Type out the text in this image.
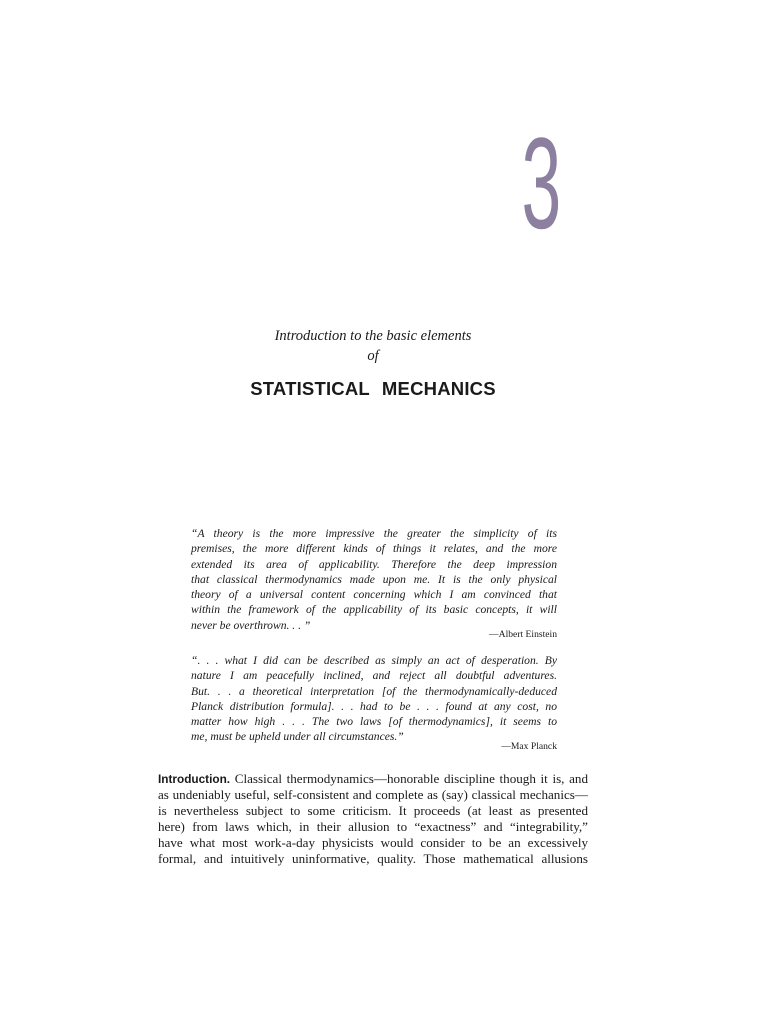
3
Introduction to the basic elements
of
STATISTICAL MECHANICS
“A theory is the more impressive the greater the simplicity of its
premises, the more different kinds of things it relates, and the more
extended its area of applicability. Therefore the deep impression
that classical thermodynamics made upon me. It is the only physical
theory of a universal content concerning which I am convinced that
within the framework of the applicability of its basic concepts, it will
never be overthrown. . . ”
—Albert Einstein
“. . . what I did can be described as simply an act of desperation. By
nature I am peacefully inclined, and reject all doubtful adventures.
But. . . a theoretical interpretation [of the thermodynamically-deduced
Planck distribution formula]. . . had to be . . . found at any cost, no
matter how high . . . The two laws [of thermodynamics], it seems to
me, must be upheld under all circumstances.”
—Max Planck
Introduction. Classical thermodynamics—honorable discipline though it is, and
as undeniably useful, self-consistent and complete as (say) classical mechanics—
is nevertheless subject to some criticism. It proceeds (at least as presented
here) from laws which, in their allusion to “exactness” and “integrability,”
have what most work-a-day physicists would consider to be an excessively
formal, and intuitively uninformative, quality. Those mathematical allusions
